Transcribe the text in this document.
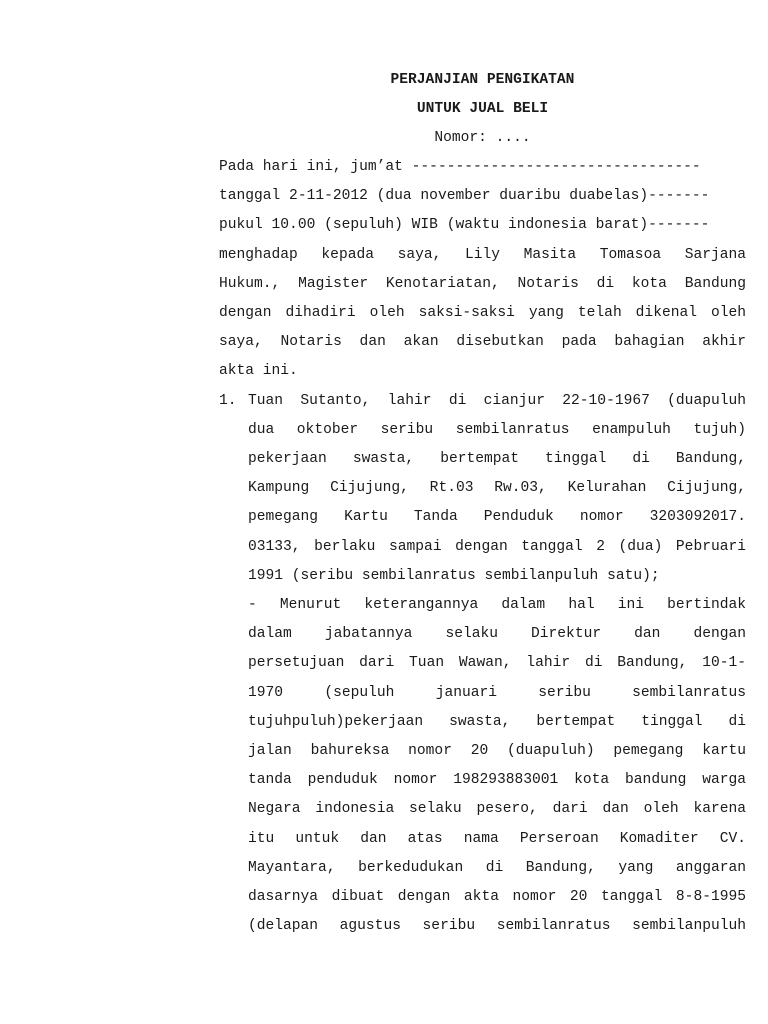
PERJANJIAN PENGIKATAN
UNTUK JUAL BELI
Nomor: ....
Pada hari ini, jum’at ---------------------------------
tanggal 2-11-2012 (dua november duaribu duabelas)-------
pukul 10.00 (sepuluh) WIB (waktu indonesia barat)-------
menghadap kepada saya, Lily Masita Tomasoa Sarjana
Hukum., Magister Kenotariatan, Notaris di kota Bandung
dengan dihadiri oleh saksi-saksi yang telah dikenal oleh
saya, Notaris dan akan disebutkan pada bahagian akhir
akta ini.
1. Tuan Sutanto, lahir di cianjur 22-10-1967 (duapuluh
dua oktober seribu sembilanratus enampuluh tujuh)
pekerjaan swasta, bertempat tinggal di Bandung,
Kampung Cijujung, Rt.03 Rw.03, Kelurahan Cijujung,
pemegang Kartu Tanda Penduduk nomor 3203092017.
03133, berlaku sampai dengan tanggal 2 (dua) Pebruari
1991 (seribu sembilanratus sembilanpuluh satu);
- Menurut keterangannya dalam hal ini bertindak
dalam jabatannya selaku Direktur dan dengan
persetujuan dari Tuan Wawan, lahir di Bandung, 10-1-
1970 (sepuluh januari seribu sembilanratus
tujuhpuluh)pekerjaan swasta, bertempat tinggal di
jalan bahureksa nomor 20 (duapuluh) pemegang kartu
tanda penduduk nomor 198293883001 kota bandung warga
Negara indonesia selaku pesero, dari dan oleh karena
itu untuk dan atas nama Perseroan Komaditer CV.
Mayantara, berkedudukan di Bandung, yang anggaran
dasarnya dibuat dengan akta nomor 20 tanggal 8-8-1995
(delapan agustus seribu sembilanratus sembilanpuluh
